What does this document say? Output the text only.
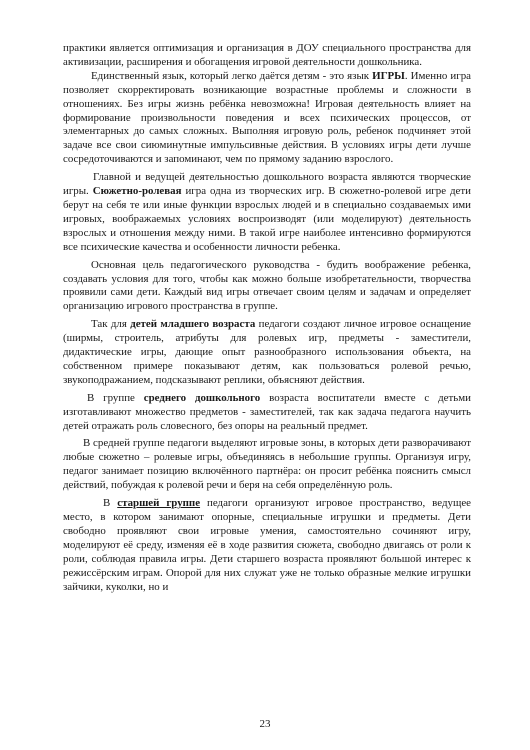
практики является оптимизация и организация в ДОУ специального пространства для активизации, расширения и обогащения игровой деятельности дошкольника.

Единственный язык, который легко даётся детям - это язык ИГРЫ. Именно игра позволяет скорректировать возникающие возрастные проблемы и сложности в отношениях. Без игры жизнь ребёнка невозможна! Игровая деятельность влияет на формирование произвольности поведения и всех психических процессов, от элементарных до самых сложных. Выполняя игровую роль, ребенок подчиняет этой задаче все свои сиюминутные импульсивные действия. В условиях игры дети лучше сосредоточиваются и запоминают, чем по прямому заданию взрослого.

Главной и ведущей деятельностью дошкольного возраста являются творческие игры. Сюжетно-ролевая игра одна из творческих игр. В сюжетно-ролевой игре дети берут на себя те или иные функции взрослых людей и в специально создаваемых ими игровых, воображаемых условиях воспроизводят (или моделируют) деятельность взрослых и отношения между ними. В такой игре наиболее интенсивно формируются все психические качества и особенности личности ребенка.

Основная цель педагогического руководства - будить воображение ребенка, создавать условия для того, чтобы как можно больше изобретательности, творчества проявили сами дети. Каждый вид игры отвечает своим целям и задачам и определяет организацию игрового пространства в группе.

Так для детей младшего возраста педагоги создают личное игровое оснащение (ширмы, строитель, атрибуты для ролевых игр, предметы - заместители, дидактические игры, дающие опыт разнообразного использования объекта, на собственном примере показывают детям, как пользоваться ролевой речью, звукоподражанием, подсказывают реплики, объясняют действия.

В группе среднего дошкольного возраста воспитатели вместе с детьми изготавливают множество предметов - заместителей, так как задача педагога научить детей отражать роль словесного, без опоры на реальный предмет.

В средней группе педагоги выделяют игровые зоны, в которых дети разворачивают любые сюжетно – ролевые игры, объединяясь в небольшие группы. Организуя игру, педагог занимает позицию включённого партнёра: он просит ребёнка пояснить смысл действий, побуждая к ролевой речи и беря на себя определённую роль.

В старшей группе педагоги организуют игровое пространство, ведущее место, в котором занимают опорные, специальные игрушки и предметы. Дети свободно проявляют свои игровые умения, самостоятельно сочиняют игру, моделируют её среду, изменяя её в ходе развития сюжета, свободно двигаясь от роли к роли, соблюдая правила игры. Дети старшего возраста проявляют большой интерес к режиссёрским играм. Опорой для них служат уже не только образные мелкие игрушки зайчики, куколки, но и

23
